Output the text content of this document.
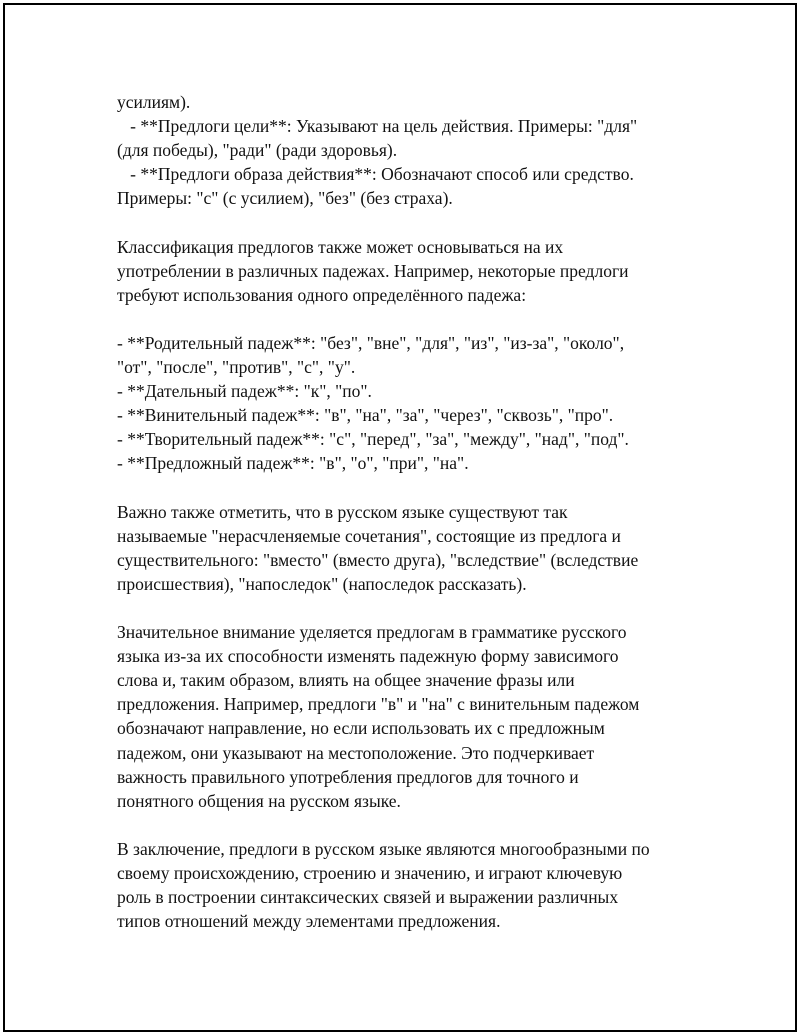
усилиям).
- **Предлоги цели**: Указывают на цель действия. Примеры: "для"
(для победы), "ради" (ради здоровья).
- **Предлоги образа действия**: Обозначают способ или средство.
Примеры: "с" (с усилием), "без" (без страха).
Классификация предлогов также может основываться на их
употреблении в различных падежах. Например, некоторые предлоги
требуют использования одного определённого падежа:
- **Родительный падеж**: "без", "вне", "для", "из", "из-за", "около",
"от", "после", "против", "с", "у".
- **Дательный падеж**: "к", "по".
- **Винительный падеж**: "в", "на", "за", "через", "сквозь", "про".
- **Творительный падеж**: "с", "перед", "за", "между", "над", "под".
- **Предложный падеж**: "в", "о", "при", "на".
Важно также отметить, что в русском языке существуют так
называемые "нерасчленяемые сочетания", состоящие из предлога и
существительного: "вместо" (вместо друга), "вследствие" (вследствие
происшествия), "напоследок" (напоследок рассказать).
Значительное внимание уделяется предлогам в грамматике русского
языка из-за их способности изменять падежную форму зависимого
слова и, таким образом, влиять на общее значение фразы или
предложения. Например, предлоги "в" и "на" с винительным падежом
обозначают направление, но если использовать их с предложным
падежом, они указывают на местоположение. Это подчеркивает
важность правильного употребления предлогов для точного и
понятного общения на русском языке.
В заключение, предлоги в русском языке являются многообразными по
своему происхождению, строению и значению, и играют ключевую
роль в построении синтаксических связей и выражении различных
типов отношений между элементами предложения.
